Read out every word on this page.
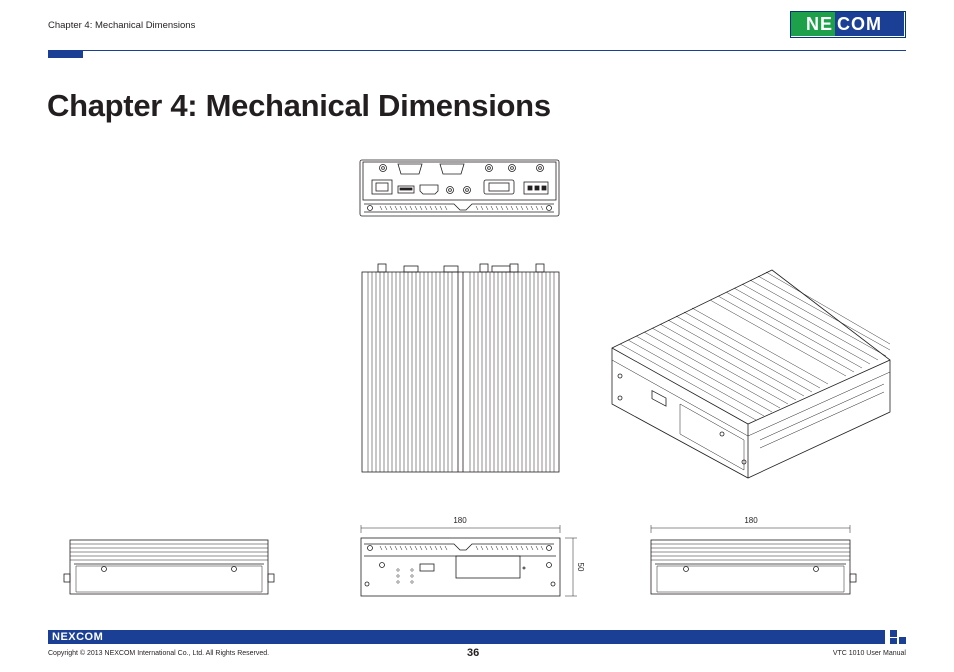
Chapter 4: Mechanical Dimensions	NE COM
Chapter 4: Mechanical Dimensions
180
50
180
NEXCOM
Copyright © 2013 NEXCOM International Co., Ltd. All Rights Reserved.	36	VTC 1010 User Manual
